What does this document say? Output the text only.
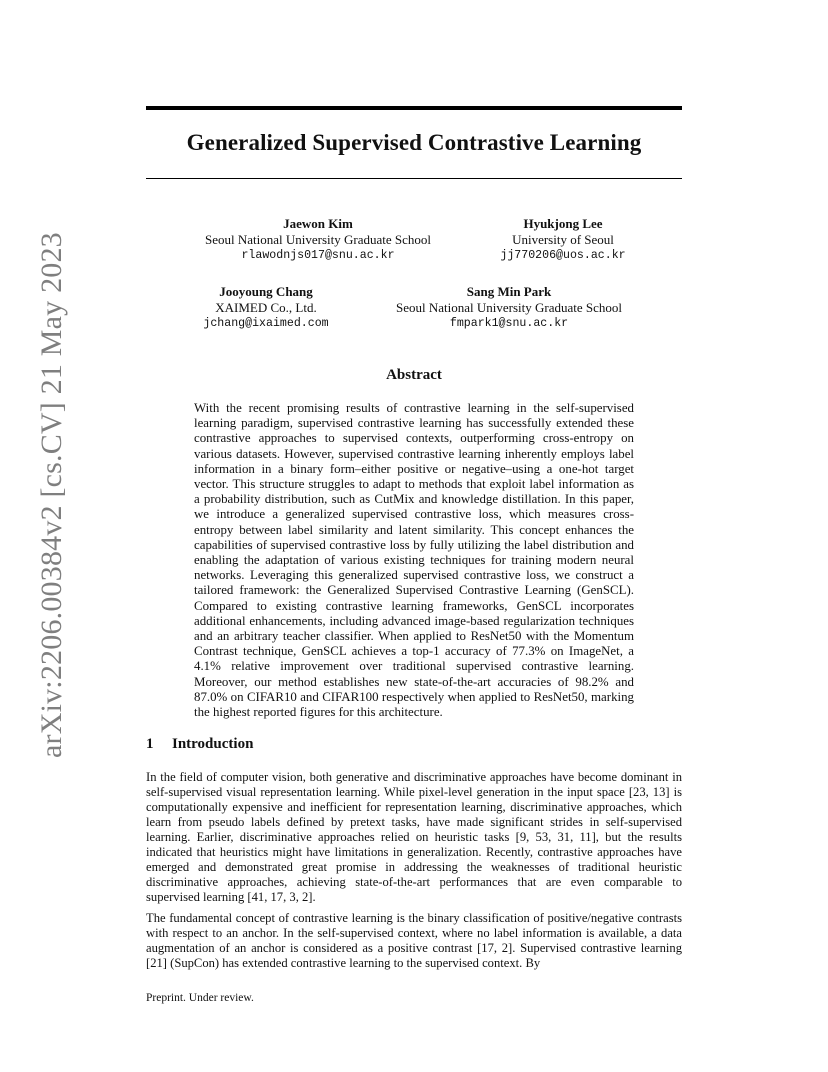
arXiv:2206.00384v2 [cs.CV] 21 May 2023
Generalized Supervised Contrastive Learning
Jaewon Kim
Seoul National University Graduate School
rlawodnjs017@snu.ac.kr
Hyukjong Lee
University of Seoul
jj770206@uos.ac.kr
Jooyoung Chang
XAIMED Co., Ltd.
jchang@ixaimed.com
Sang Min Park
Seoul National University Graduate School
fmpark1@snu.ac.kr
Abstract
With the recent promising results of contrastive learning in the self-supervised learning paradigm, supervised contrastive learning has successfully extended these contrastive approaches to supervised contexts, outperforming cross-entropy on various datasets. However, supervised contrastive learning inherently employs label information in a binary form–either positive or negative–using a one-hot target vector. This structure struggles to adapt to methods that exploit label information as a probability distribution, such as CutMix and knowledge distillation. In this paper, we introduce a generalized supervised contrastive loss, which measures cross-entropy between label similarity and latent similarity. This concept enhances the capabilities of supervised contrastive loss by fully utilizing the label distribution and enabling the adaptation of various existing techniques for training modern neural networks. Leveraging this generalized supervised contrastive loss, we construct a tailored framework: the Generalized Supervised Contrastive Learning (GenSCL). Compared to existing contrastive learning frameworks, GenSCL incorporates additional enhancements, including advanced image-based regularization techniques and an arbitrary teacher classifier. When applied to ResNet50 with the Momentum Contrast technique, GenSCL achieves a top-1 accuracy of 77.3% on ImageNet, a 4.1% relative improvement over traditional supervised contrastive learning. Moreover, our method establishes new state-of-the-art accuracies of 98.2% and 87.0% on CIFAR10 and CIFAR100 respectively when applied to ResNet50, marking the highest reported figures for this architecture.
1 Introduction
In the field of computer vision, both generative and discriminative approaches have become dominant in self-supervised visual representation learning. While pixel-level generation in the input space [23, 13] is computationally expensive and inefficient for representation learning, discriminative approaches, which learn from pseudo labels defined by pretext tasks, have made significant strides in self-supervised learning. Earlier, discriminative approaches relied on heuristic tasks [9, 53, 31, 11], but the results indicated that heuristics might have limitations in generalization. Recently, contrastive approaches have emerged and demonstrated great promise in addressing the weaknesses of traditional heuristic discriminative approaches, achieving state-of-the-art performances that are even comparable to supervised learning [41, 17, 3, 2].
The fundamental concept of contrastive learning is the binary classification of positive/negative contrasts with respect to an anchor. In the self-supervised context, where no label information is available, a data augmentation of an anchor is considered as a positive contrast [17, 2]. Supervised contrastive learning [21] (SupCon) has extended contrastive learning to the supervised context. By
Preprint. Under review.
